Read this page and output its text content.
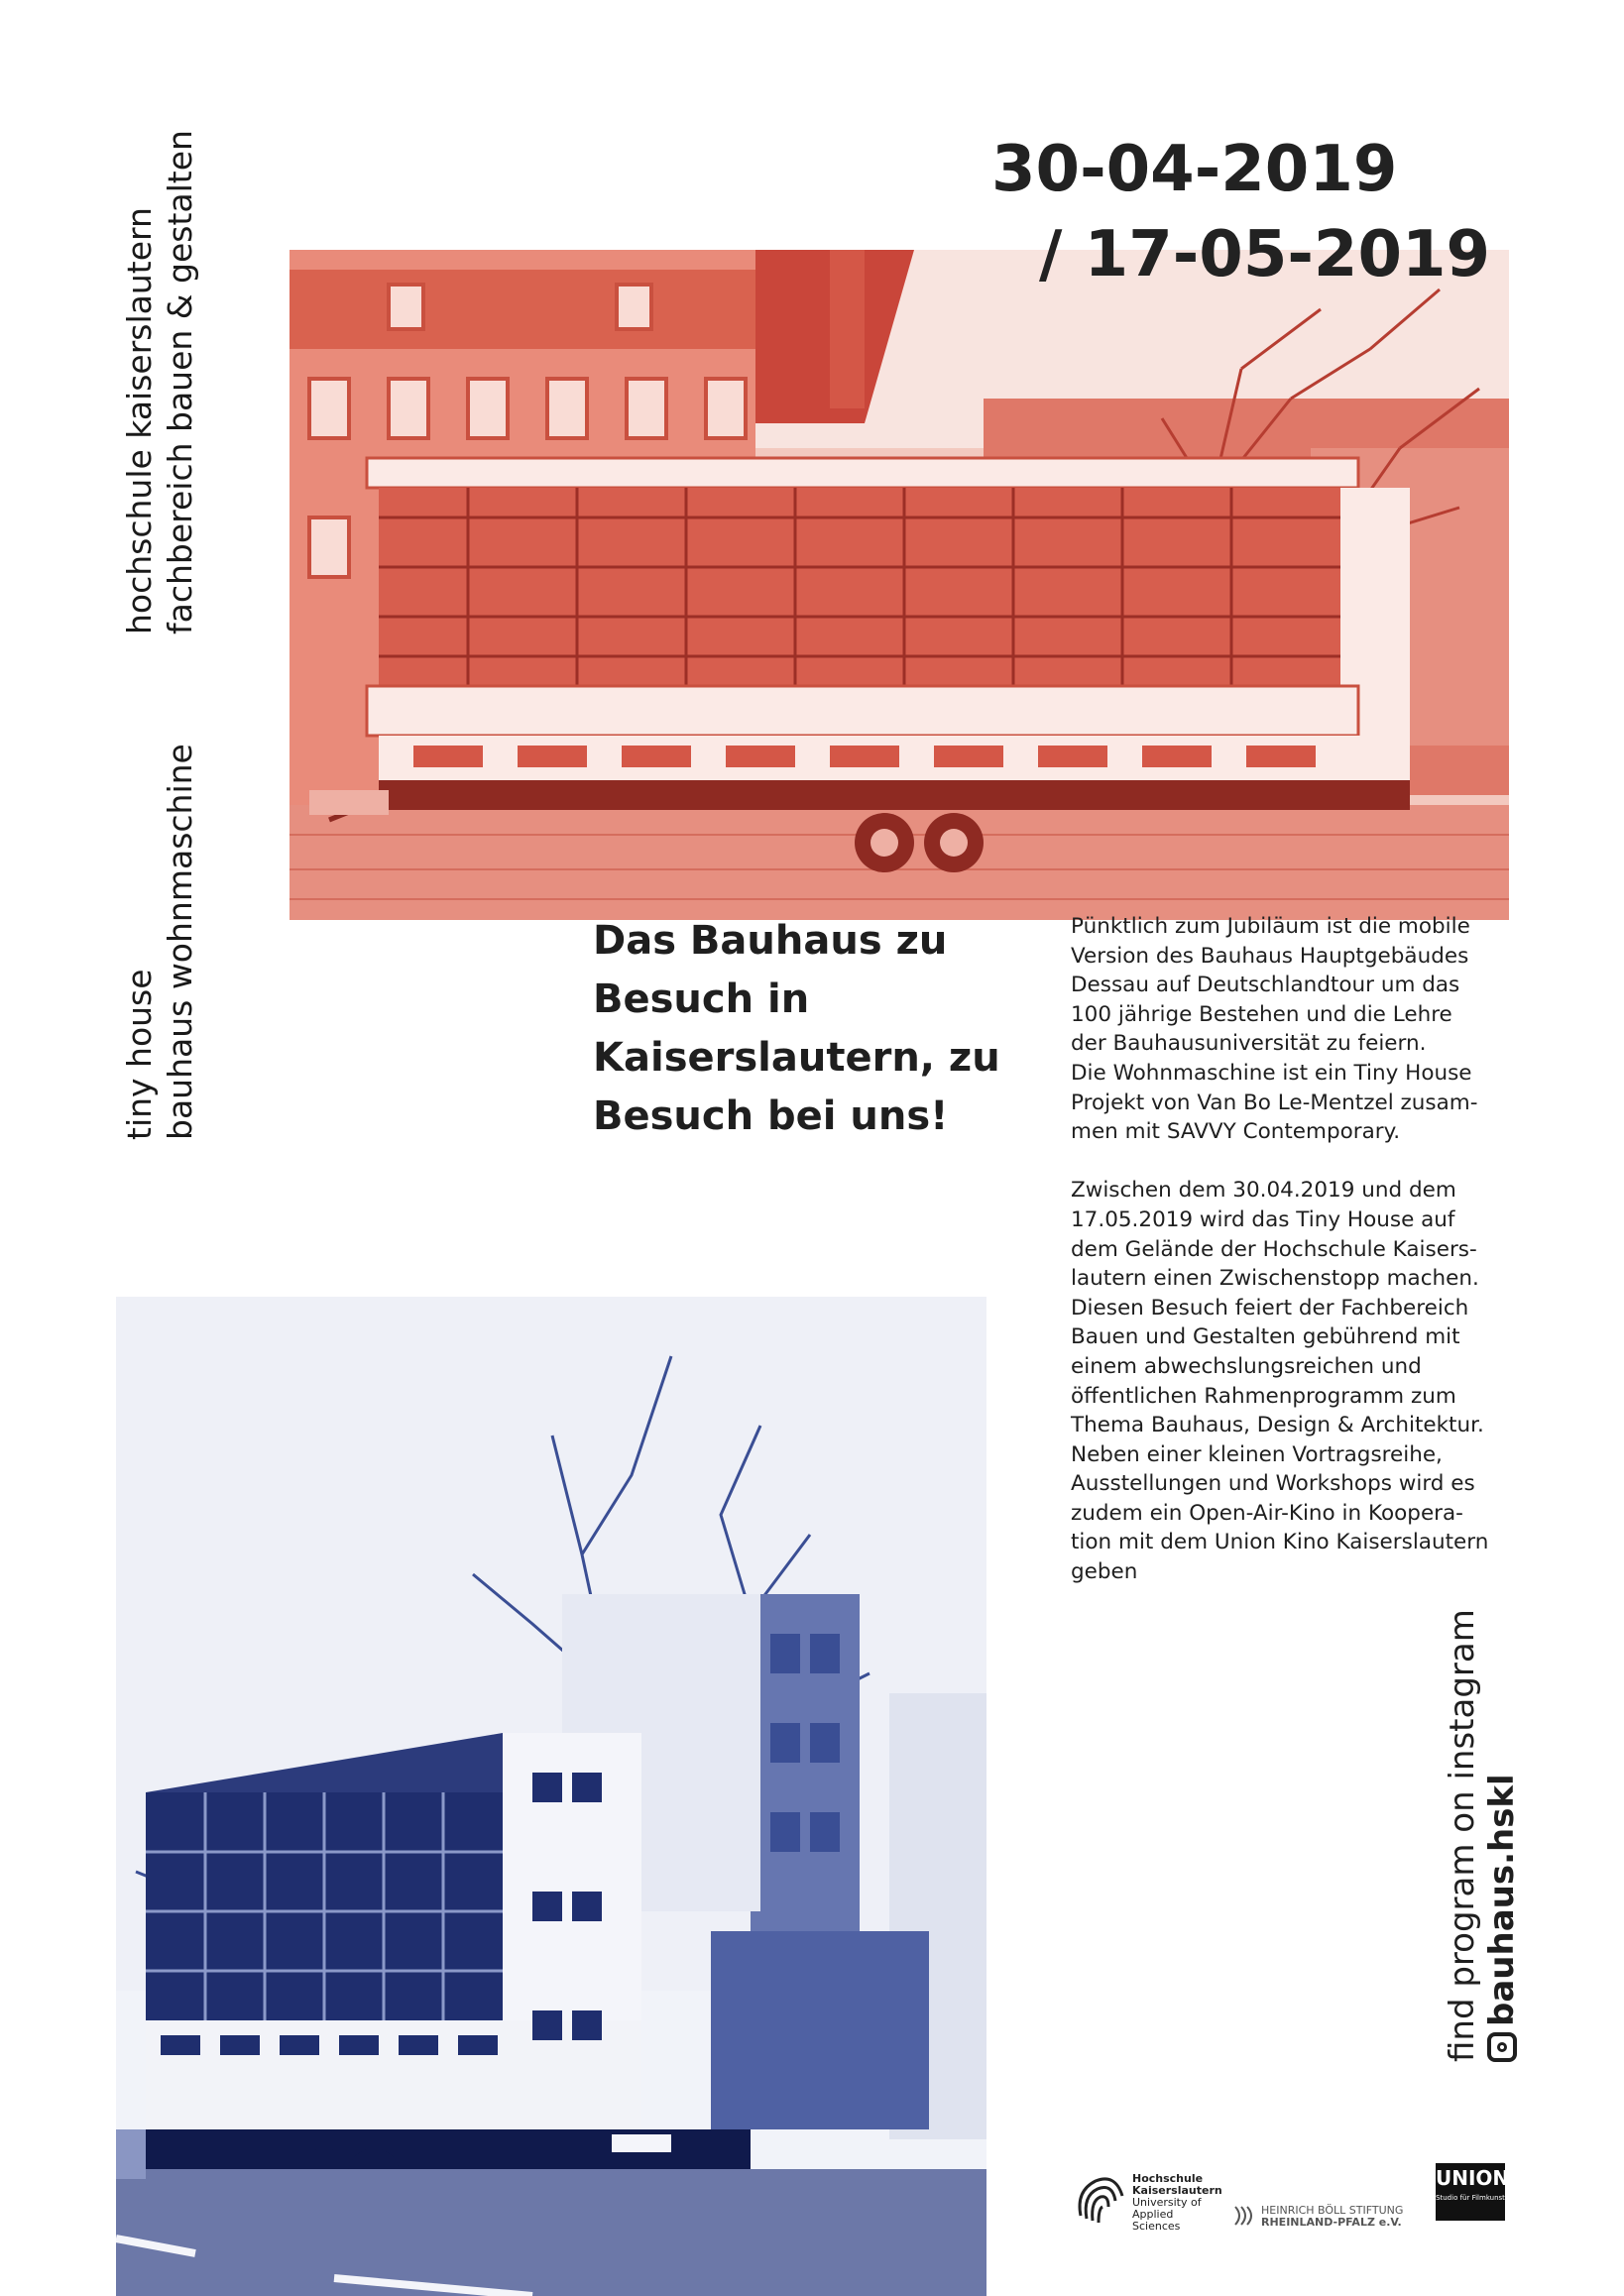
hochschule kaiserslautern fachbereich bauen & gestalten
tiny house bauhaus wohnmaschine
30-04-2019
/ 17-05-2019
Das Bauhaus zu
Besuch in
Kaiserslautern, zu
Besuch bei uns!
Pünktlich zum Jubiläum ist die mobile
Version des Bauhaus Hauptgebäudes
Dessau auf Deutschlandtour um das
100 jährige Bestehen und die Lehre
der Bauhausuniversität zu feiern.
Die Wohnmaschine ist ein Tiny House
Projekt von Van Bo Le-Mentzel zusam-
men mit SAVVY Contemporary.
Zwischen dem 30.04.2019 und dem
17.05.2019 wird das Tiny House auf
dem Gelände der Hochschule Kaisers-
lautern einen Zwischenstopp machen.
Diesen Besuch feiert der Fachbereich
Bauen und Gestalten gebührend mit
einem abwechslungsreichen und
öffentlichen Rahmenprogramm zum
Thema Bauhaus, Design & Architektur.
Neben einer kleinen Vortragsreihe,
Ausstellungen und Workshops wird es
zudem ein Open-Air-Kino in Koopera-
tion mit dem Union Kino Kaiserslautern
geben
find program on instagram bauhaus.hskl
Hochschule
Kaiserslautern
University of
Applied Sciences
HEINRICH BÖLL STIFTUNG
RHEINLAND-PFALZ e.V.
UNION
Studio für Filmkunst
